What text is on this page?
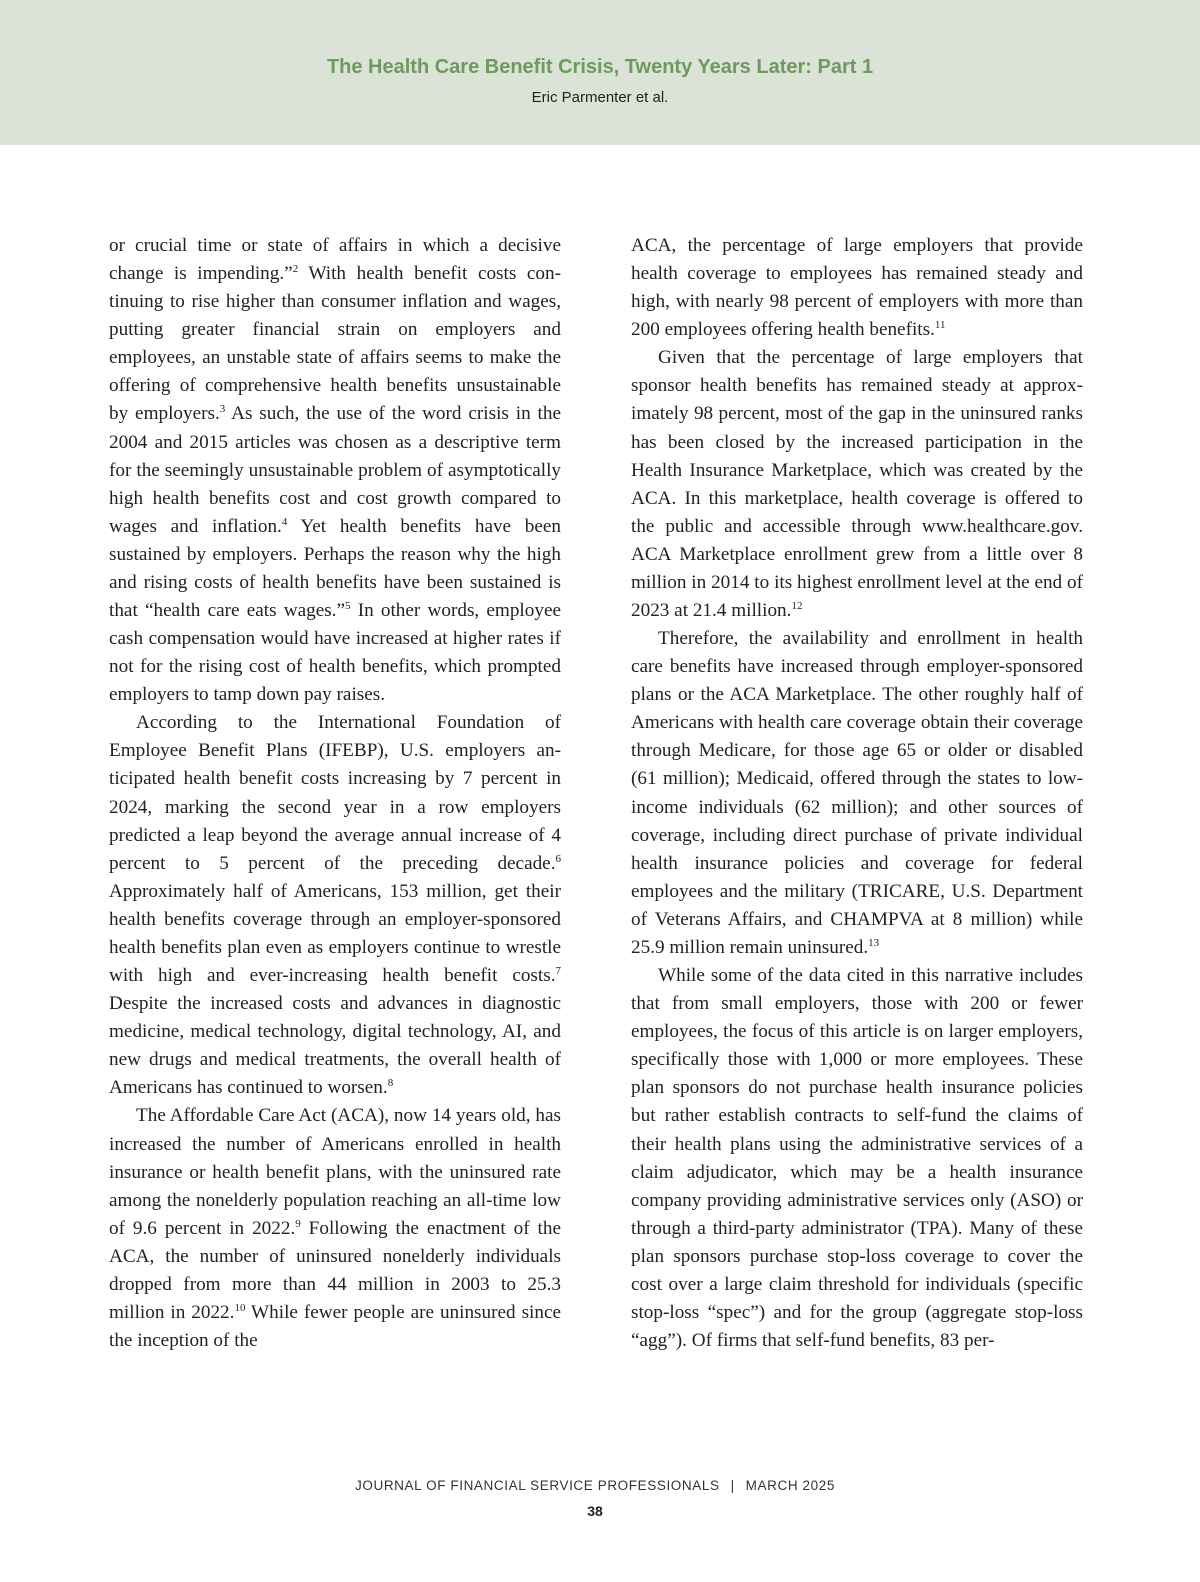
The Health Care Benefit Crisis, Twenty Years Later: Part 1
Eric Parmenter et al.

or crucial time or state of affairs in which a decisive change is impending.”$^2$ With health benefit costs continuing to rise higher than consumer inflation and wages, putting greater financial strain on employers and employees, an unstable state of affairs seems to make the offering of comprehensive health benefits unsustainable by employers.$^3$ As such, the use of the word crisis in the 2004 and 2015 articles was chosen as a descriptive term for the seemingly unsustainable problem of asymptotically high health benefits cost and cost growth compared to wages and inflation.$^4$ Yet health benefits have been sustained by employers. Perhaps the reason why the high and rising costs of health benefits have been sustained is that “health care eats wages.”$^5$ In other words, employee cash compensation would have increased at higher rates if not for the rising cost of health benefits, which prompted employers to tamp down pay raises.

According to the International Foundation of Employee Benefit Plans (IFEBP), U.S. employers anticipated health benefit costs increasing by 7 percent in 2024, marking the second year in a row employers predicted a leap beyond the average annual increase of 4 percent to 5 percent of the preceding decade.$^6$ Approximately half of Americans, 153 million, get their health benefits coverage through an employer-sponsored health benefits plan even as employers continue to wrestle with high and ever-increasing health benefit costs.$^7$ Despite the increased costs and advances in diagnostic medicine, medical technology, digital technology, AI, and new drugs and medical treatments, the overall health of Americans has continued to worsen.$^8$

The Affordable Care Act (ACA), now 14 years old, has increased the number of Americans enrolled in health insurance or health benefit plans, with the uninsured rate among the nonelderly population reaching an all-time low of 9.6 percent in 2022.$^9$ Following the enactment of the ACA, the number of uninsured nonelderly individuals dropped from more than 44 million in 2003 to 25.3 million in 2022.10 While fewer people are uninsured since the inception of the

ACA, the percentage of large employers that provide health coverage to employees has remained steady and high, with nearly 98 percent of employers with more than 200 employees offering health benefits.$^{11}$

Given that the percentage of large employers that sponsor health benefits has remained steady at approximately 98 percent, most of the gap in the uninsured ranks has been closed by the increased participation in the Health Insurance Marketplace, which was created by the ACA. In this marketplace, health coverage is offered to the public and accessible through www.healthcare.gov. ACA Marketplace enrollment grew from a little over 8 million in 2014 to its highest enrollment level at the end of 2023 at 21.4 million.$^{12}$

Therefore, the availability and enrollment in health care benefits have increased through employer-sponsored plans or the ACA Marketplace. The other roughly half of Americans with health care coverage obtain their coverage through Medicare, for those age 65 or older or disabled (61 million); Medicaid, offered through the states to low-income individuals (62 million); and other sources of coverage, including direct purchase of private individual health insurance policies and coverage for federal employees and the military (TRICARE, U.S. Department of Veterans Affairs, and CHAMPVA at 8 million) while 25.9 million remain uninsured.$^{13}$

While some of the data cited in this narrative includes that from small employers, those with 200 or fewer employees, the focus of this article is on larger employers, specifically those with 1,000 or more employees. These plan sponsors do not purchase health insurance policies but rather establish contracts to self-fund the claims of their health plans using the administrative services of a claim adjudicator, which may be a health insurance company providing administrative services only (ASO) or through a third-party administrator (TPA). Many of these plan sponsors purchase stop-loss coverage to cover the cost over a large claim threshold for individuals (specific stop-loss “spec”) and for the group (aggregate stop-loss “agg”). Of firms that self-fund benefits, 83 per-

JOURNAL OF FINANCIAL SERVICE PROFESSIONALS | MARCH 2025
38
